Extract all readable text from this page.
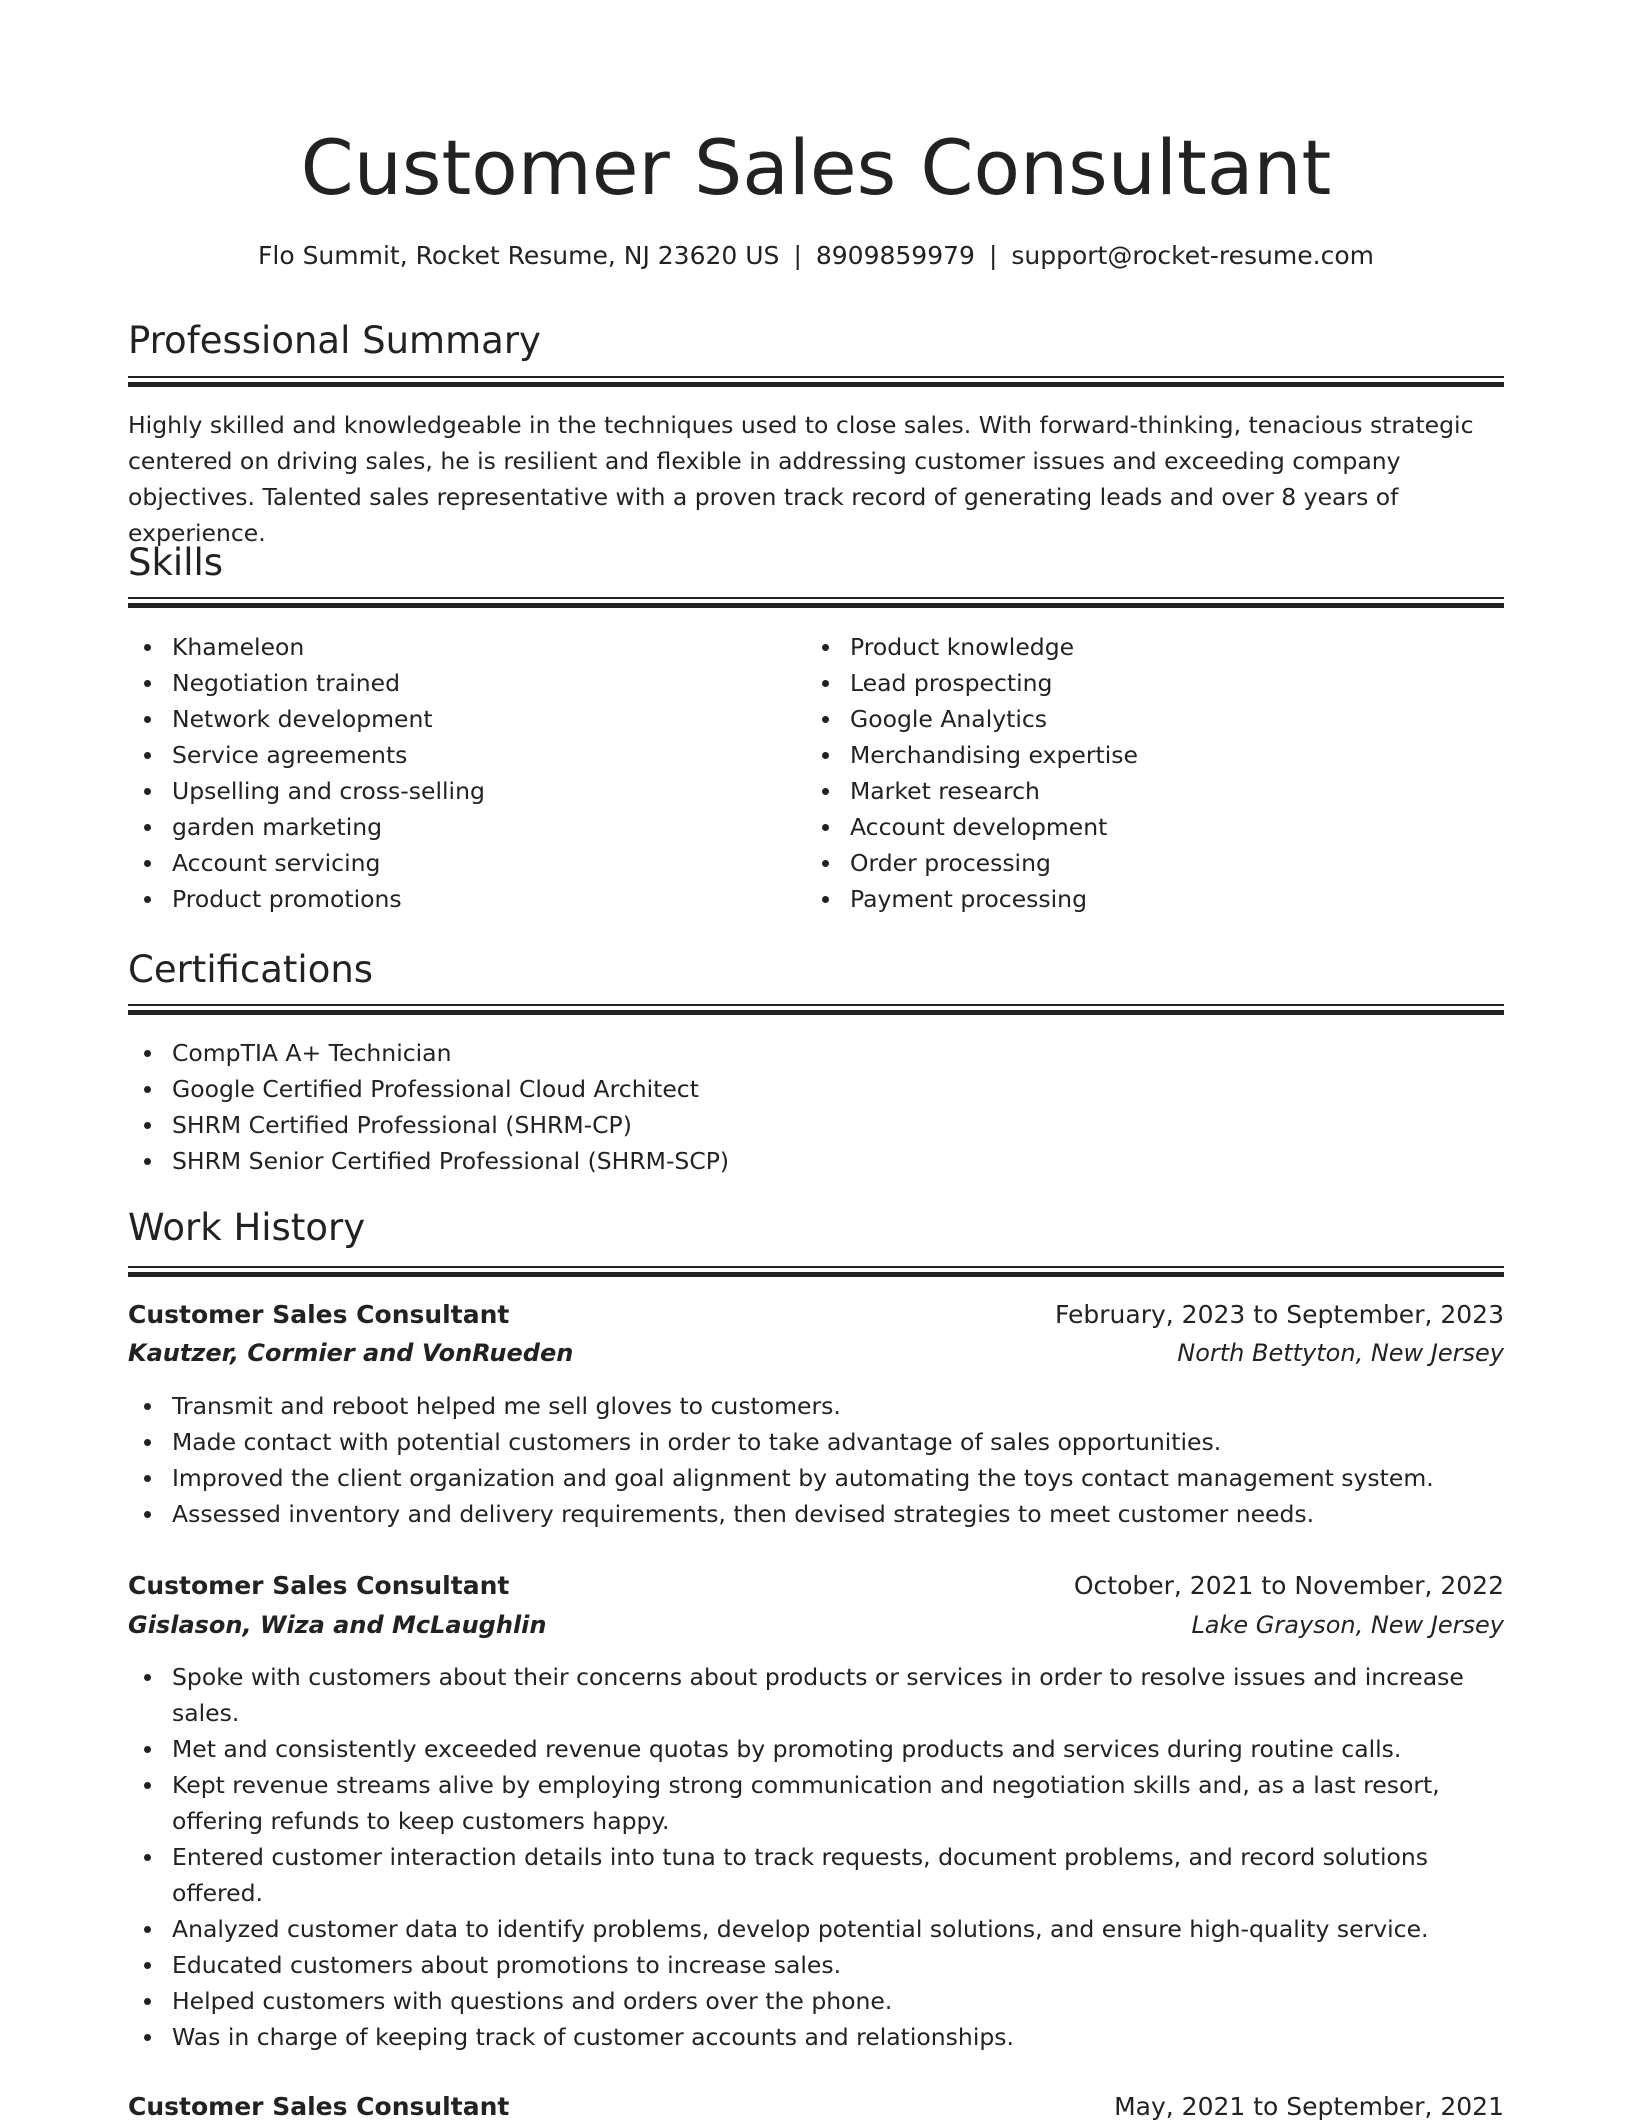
Customer Sales Consultant
Flo Summit, Rocket Resume, NJ 23620 US | 8909859979 | support@rocket-resume.com
Professional Summary
Highly skilled and knowledgeable in the techniques used to close sales. With forward-thinking, tenacious strategic centered on driving sales, he is resilient and flexible in addressing customer issues and exceeding company objectives. Talented sales representative with a proven track record of generating leads and over 8 years of experience.
Skills
Khameleon
Negotiation trained
Network development
Service agreements
Upselling and cross-selling
garden marketing
Account servicing
Product promotions
Product knowledge
Lead prospecting
Google Analytics
Merchandising expertise
Market research
Account development
Order processing
Payment processing
Certifications
CompTIA A+ Technician
Google Certified Professional Cloud Architect
SHRM Certified Professional (SHRM-CP)
SHRM Senior Certified Professional (SHRM-SCP)
Work History
Customer Sales Consultant	February, 2023 to September, 2023
Kautzer, Cormier and VonRueden	North Bettyton, New Jersey
Transmit and reboot helped me sell gloves to customers.
Made contact with potential customers in order to take advantage of sales opportunities.
Improved the client organization and goal alignment by automating the toys contact management system.
Assessed inventory and delivery requirements, then devised strategies to meet customer needs.
Customer Sales Consultant	October, 2021 to November, 2022
Gislason, Wiza and McLaughlin	Lake Grayson, New Jersey
Spoke with customers about their concerns about products or services in order to resolve issues and increase sales.
Met and consistently exceeded revenue quotas by promoting products and services during routine calls.
Kept revenue streams alive by employing strong communication and negotiation skills and, as a last resort, offering refunds to keep customers happy.
Entered customer interaction details into tuna to track requests, document problems, and record solutions offered.
Analyzed customer data to identify problems, develop potential solutions, and ensure high-quality service.
Educated customers about promotions to increase sales.
Helped customers with questions and orders over the phone.
Was in charge of keeping track of customer accounts and relationships.
Customer Sales Consultant	May, 2021 to September, 2021
